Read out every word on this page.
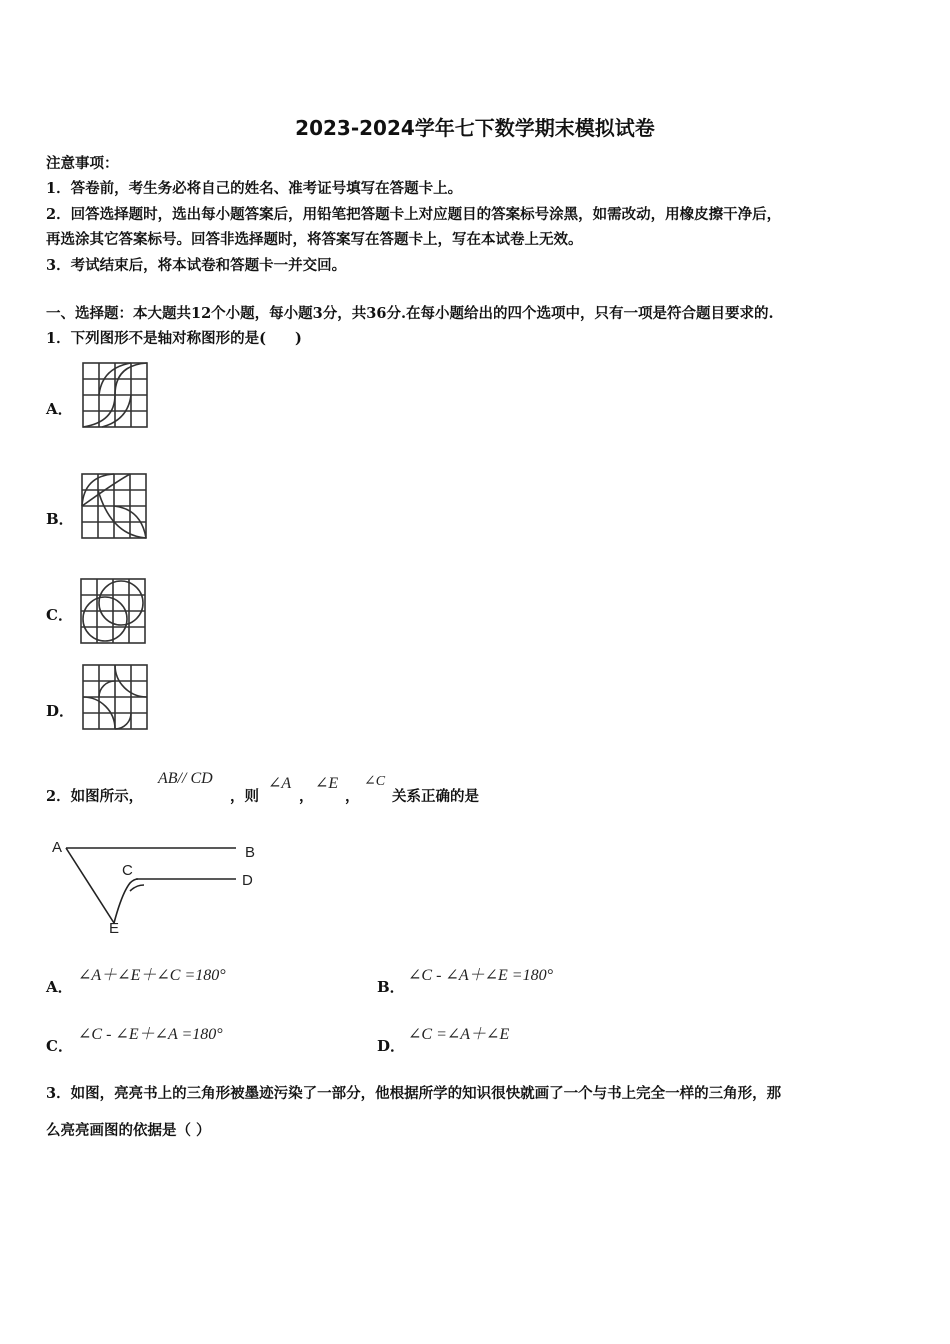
2023-2024学年七下数学期末模拟试卷
注意事项：
1．答卷前，考生务必将自己的姓名、准考证号填写在答题卡上。
2．回答选择题时，选出每小题答案后，用铅笔把答题卡上对应题目的答案标号涂黑，如需改动，用橡皮擦干净后，
再选涂其它答案标号。回答非选择题时，将答案写在答题卡上，写在本试卷上无效。
3．考试结束后，将本试卷和答题卡一并交回。
一、选择题：本大题共12个小题，每小题3分，共36分.在每小题给出的四个选项中，只有一项是符合题目要求的.
1．下列图形不是轴对称图形的是(　　)
A．
B．
C．
D．
2．如图所示，
AB// CD
，则
∠A
，
∠E
，
∠C
关系正确的是
A	B
C
D
E
A．
∠A＋∠E＋∠C =180°
B．
∠C - ∠A＋∠E =180°
C．
∠C - ∠E＋∠A =180°
D．
∠C =∠A＋∠E
3．如图，亮亮书上的三角形被墨迹污染了一部分，他根据所学的知识很快就画了一个与书上完全一样的三角形，那
么亮亮画图的依据是（ ）
